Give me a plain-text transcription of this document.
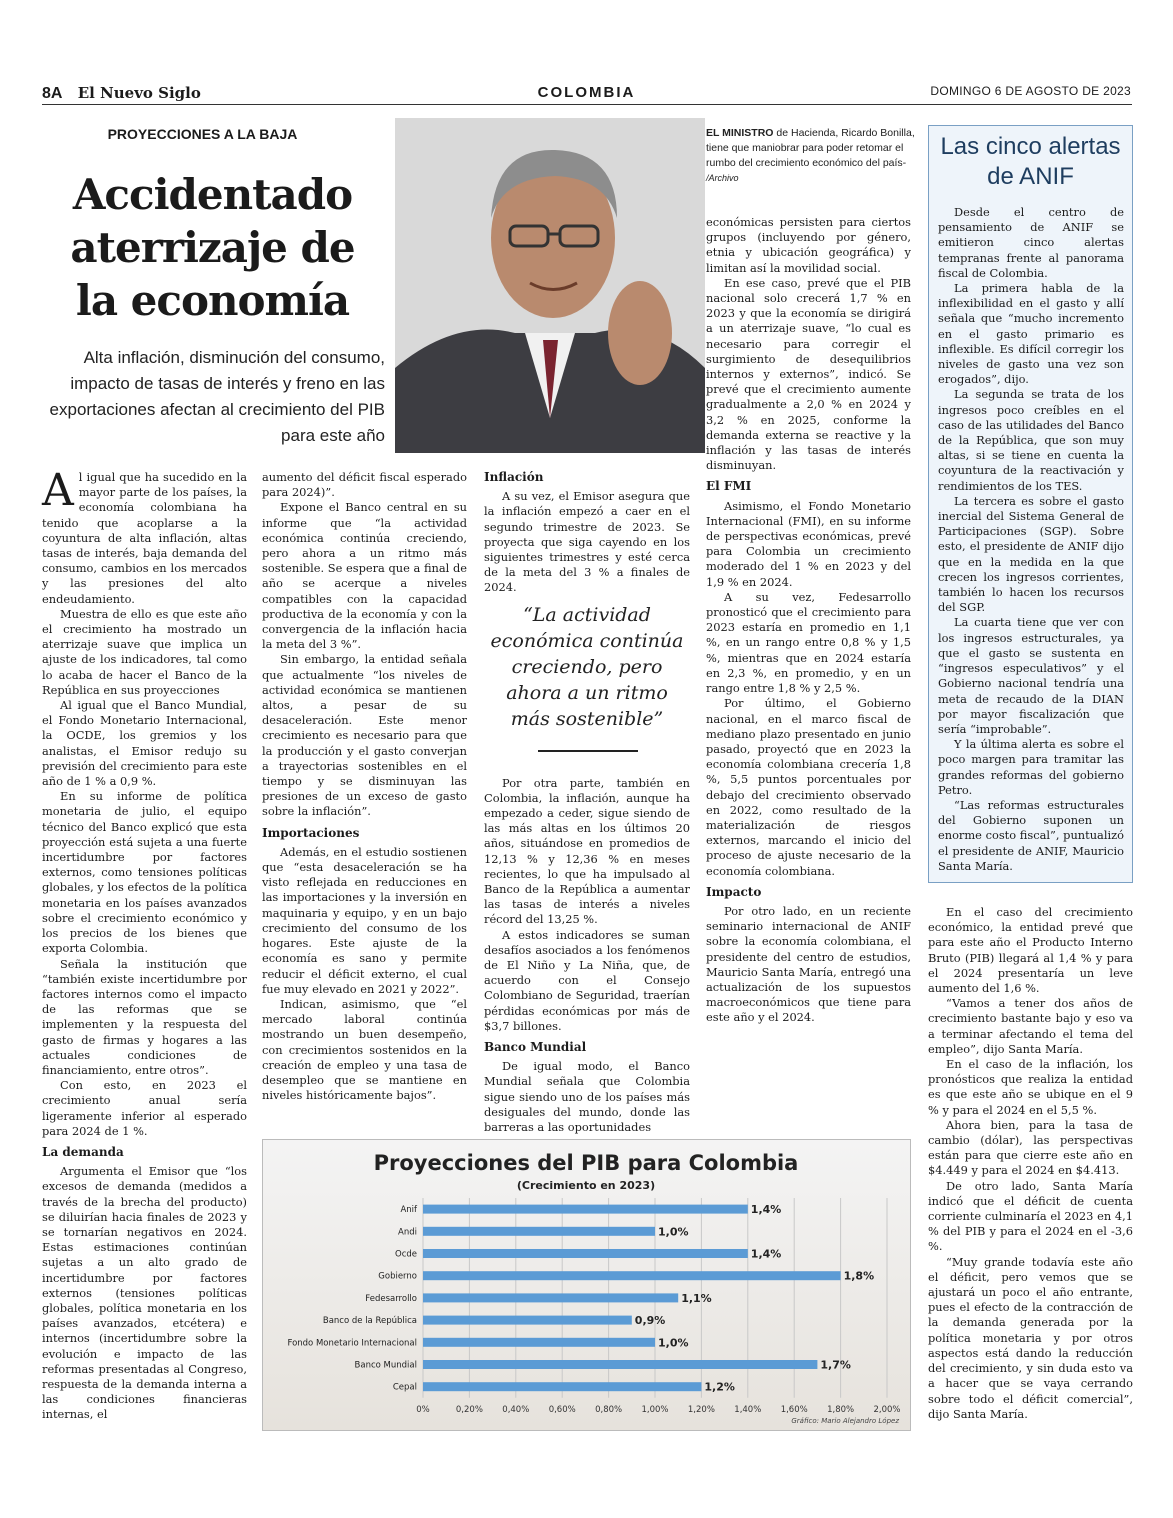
8A El Nuevo Siglo	COLOMBIA	DOMINGO 6 DE AGOSTO DE 2023
PROYECCIONES A LA BAJA
Accidentado
aterrizaje de
la economía
Alta inflación, disminución del consumo, impacto de tasas de interés y freno en las exportaciones afectan al crecimiento del PIB para este año
EL MINISTRO de Hacienda, Ricardo Bonilla, tiene que maniobrar para poder retomar el rumbo del crecimiento económico del país- /Archivo

Al igual que ha sucedido en la mayor parte de los países, la economía colombiana ha tenido que acoplarse a la coyuntura de alta inflación, altas tasas de interés, baja demanda del consumo, cambios en los mercados y las presiones del alto endeudamiento.

Muestra de ello es que este año el crecimiento ha mostrado un aterrizaje suave que implica un ajuste de los indicadores, tal como lo acaba de hacer el Banco de la República en sus proyecciones

Al igual que el Banco Mundial, el Fondo Monetario Internacional, la OCDE, los gremios y los analistas, el Emisor redujo su previsión del crecimiento para este año de 1 % a 0,9 %.

En su informe de política monetaria de julio, el equipo técnico del Banco explicó que esta proyección está sujeta a una fuerte incertidumbre por factores externos, como tensiones políticas globales, y los efectos de la política monetaria en los países avanzados sobre el crecimiento económico y los precios de los bienes que exporta Colombia.

Señala la institución que “también existe incertidumbre por factores internos como el impacto de las reformas que se implementen y la respuesta del gasto de firmas y hogares a las actuales condiciones de financiamiento, entre otros”.

Con esto, en 2023 el crecimiento anual sería ligeramente inferior al esperado para 2024 de 1 %.

La demanda

Argumenta el Emisor que “los excesos de demanda (medidos a través de la brecha del producto) se diluirían hacia finales de 2023 y se tornarían negativos en 2024. Estas estimaciones continúan sujetas a un alto grado de incertidumbre por factores externos (tensiones políticas globales, política monetaria en los países avanzados, etcétera) e internos (incertidumbre sobre la evolución e impacto de las reformas presentadas al Congreso, respuesta de la demanda interna a las condiciones financieras internas, el

aumento del déficit fiscal esperado para 2024)”.

Expone el Banco central en su informe que “la actividad económica continúa creciendo, pero ahora a un ritmo más sostenible. Se espera que a final de año se acerque a niveles compatibles con la capacidad productiva de la economía y con la convergencia de la inflación hacia la meta del 3 %”.

Sin embargo, la entidad señala que actualmente “los niveles de actividad económica se mantienen altos, a pesar de su desaceleración. Este menor crecimiento es necesario para que la producción y el gasto converjan a trayectorias sostenibles en el tiempo y se disminuyan las presiones de un exceso de gasto sobre la inflación”.

Importaciones

Además, en el estudio sostienen que “esta desaceleración se ha visto reflejada en reducciones en las importaciones y la inversión en maquinaria y equipo, y en un bajo crecimiento del consumo de los hogares. Este ajuste de la economía es sano y permite reducir el déficit externo, el cual fue muy elevado en 2021 y 2022”.

Indican, asimismo, que “el mercado laboral continúa mostrando un buen desempeño, con crecimientos sostenidos en la creación de empleo y una tasa de desempleo que se mantiene en niveles históricamente bajos”.

Inflación

A su vez, el Emisor asegura que la inflación empezó a caer en el segundo trimestre de 2023. Se proyecta que siga cayendo en los siguientes trimestres y esté cerca de la meta del 3 % a finales de 2024.

Por otra parte, también en Colombia, la inflación, aunque ha empezado a ceder, sigue siendo de las más altas en los últimos 20 años, situándose en promedios de 12,13 % y 12,36 % en meses recientes, lo que ha impulsado al Banco de la República a aumentar las tasas de interés a niveles récord del 13,25 %.

A estos indicadores se suman desafíos asociados a los fenómenos de El Niño y La Niña, que, de acuerdo con el Consejo Colombiano de Seguridad, traerían pérdidas económicas por más de $3,7 billones.

Banco Mundial

De igual modo, el Banco Mundial señala que Colombia sigue siendo uno de los países más desiguales del mundo, donde las barreras a las oportunidades

“La actividad económica continúa creciendo, pero ahora a un ritmo más sostenible”

económicas persisten para ciertos grupos (incluyendo por género, etnia y ubicación geográfica) y limitan así la movilidad social.

En ese caso, prevé que el PIB nacional solo crecerá 1,7 % en 2023 y que la economía se dirigirá a un aterrizaje suave, “lo cual es necesario para corregir el surgimiento de desequilibrios internos y externos”, indicó. Se prevé que el crecimiento aumente gradualmente a 2,0 % en 2024 y 3,2 % en 2025, conforme la demanda externa se reactive y la inflación y las tasas de interés disminuyan.

El FMI

Asimismo, el Fondo Monetario Internacional (FMI), en su informe de perspectivas económicas, prevé para Colombia un crecimiento moderado del 1 % en 2023 y del 1,9 % en 2024.

A su vez, Fedesarrollo pronosticó que el crecimiento para 2023 estaría en promedio en 1,1 %, en un rango entre 0,8 % y 1,5 %, mientras que en 2024 estaría en 2,3 %, en promedio, y en un rango entre 1,8 % y 2,5 %.

Por último, el Gobierno nacional, en el marco fiscal de mediano plazo presentado en junio pasado, proyectó que en 2023 la economía colombiana crecería 1,8 %, 5,5 puntos porcentuales por debajo del crecimiento observado en 2022, como resultado de la materialización de riesgos externos, marcando el inicio del proceso de ajuste necesario de la economía colombiana.

Impacto

Por otro lado, en un reciente seminario internacional de ANIF sobre la economía colombiana, el presidente del centro de estudios, Mauricio Santa María, entregó una actualización de los supuestos macroeconómicos que tiene para este año y el 2024.

Las cinco alertas
de ANIF

Desde el centro de pensamiento de ANIF se emitieron cinco alertas tempranas frente al panorama fiscal de Colombia.

La primera habla de la inflexibilidad en el gasto y allí señala que “mucho incremento en el gasto primario es inflexible. Es difícil corregir los niveles de gasto una vez son erogados”, dijo.

La segunda se trata de los ingresos poco creíbles en el caso de las utilidades del Banco de la República, que son muy altas, si se tiene en cuenta la coyuntura de la reactivación y rendimientos de los TES.

La tercera es sobre el gasto inercial del Sistema General de Participaciones (SGP). Sobre esto, el presidente de ANIF dijo que en la medida en la que crecen los ingresos corrientes, también lo hacen los recursos del SGP.

La cuarta tiene que ver con los ingresos estructurales, ya que el gasto se sustenta en “ingresos especulativos” y el Gobierno nacional tendría una meta de recaudo de la DIAN por mayor fiscalización que sería “improbable”.

Y la última alerta es sobre el poco margen para tramitar las grandes reformas del gobierno Petro.

“Las reformas estructurales del Gobierno suponen un enorme costo fiscal”, puntualizó el presidente de ANIF, Mauricio Santa María.

En el caso del crecimiento económico, la entidad prevé que para este año el Producto Interno Bruto (PIB) llegará al 1,4 % y para el 2024 presentaría un leve aumento del 1,6 %.

“Vamos a tener dos años de crecimiento bastante bajo y eso va a terminar afectando el tema del empleo”, dijo Santa María.

En el caso de la inflación, los pronósticos que realiza la entidad es que este año se ubique en el 9 % y para el 2024 en el 5,5 %.

Ahora bien, para la tasa de cambio (dólar), las perspectivas están para que cierre este año en $4.449 y para el 2024 en $4.413.

De otro lado, Santa María indicó que el déficit de cuenta corriente culminaría el 2023 en 4,1 % del PIB y para el 2024 en el -3,6 %.

“Muy grande todavía este año el déficit, pero vemos que se ajustará un poco el año entrante, pues el efecto de la contracción de la demanda generada por la política monetaria y por otros aspectos está dando la reducción del crecimiento, y sin duda esto va a hacer que se vaya cerrando sobre todo el déficit comercial”, dijo Santa María.

Proyecciones del PIB para Colombia
(Crecimiento en 2023)
Anif
Andi
Ocde
Gobierno
Fedesarrollo
Banco de la República
Fondo Monetario Internacional
Banco Mundial
Cepal
1,4%
1,0%
1,4%
1,8%
1,1%
0,9%
1,0%
1,7%
1,2%
0%	0,20% 0,40% 0,60% 0,80% 1,00% 1,20% 1,40% 1,60% 1,80% 2,00%
Gráfico: Mario Alejandro López
